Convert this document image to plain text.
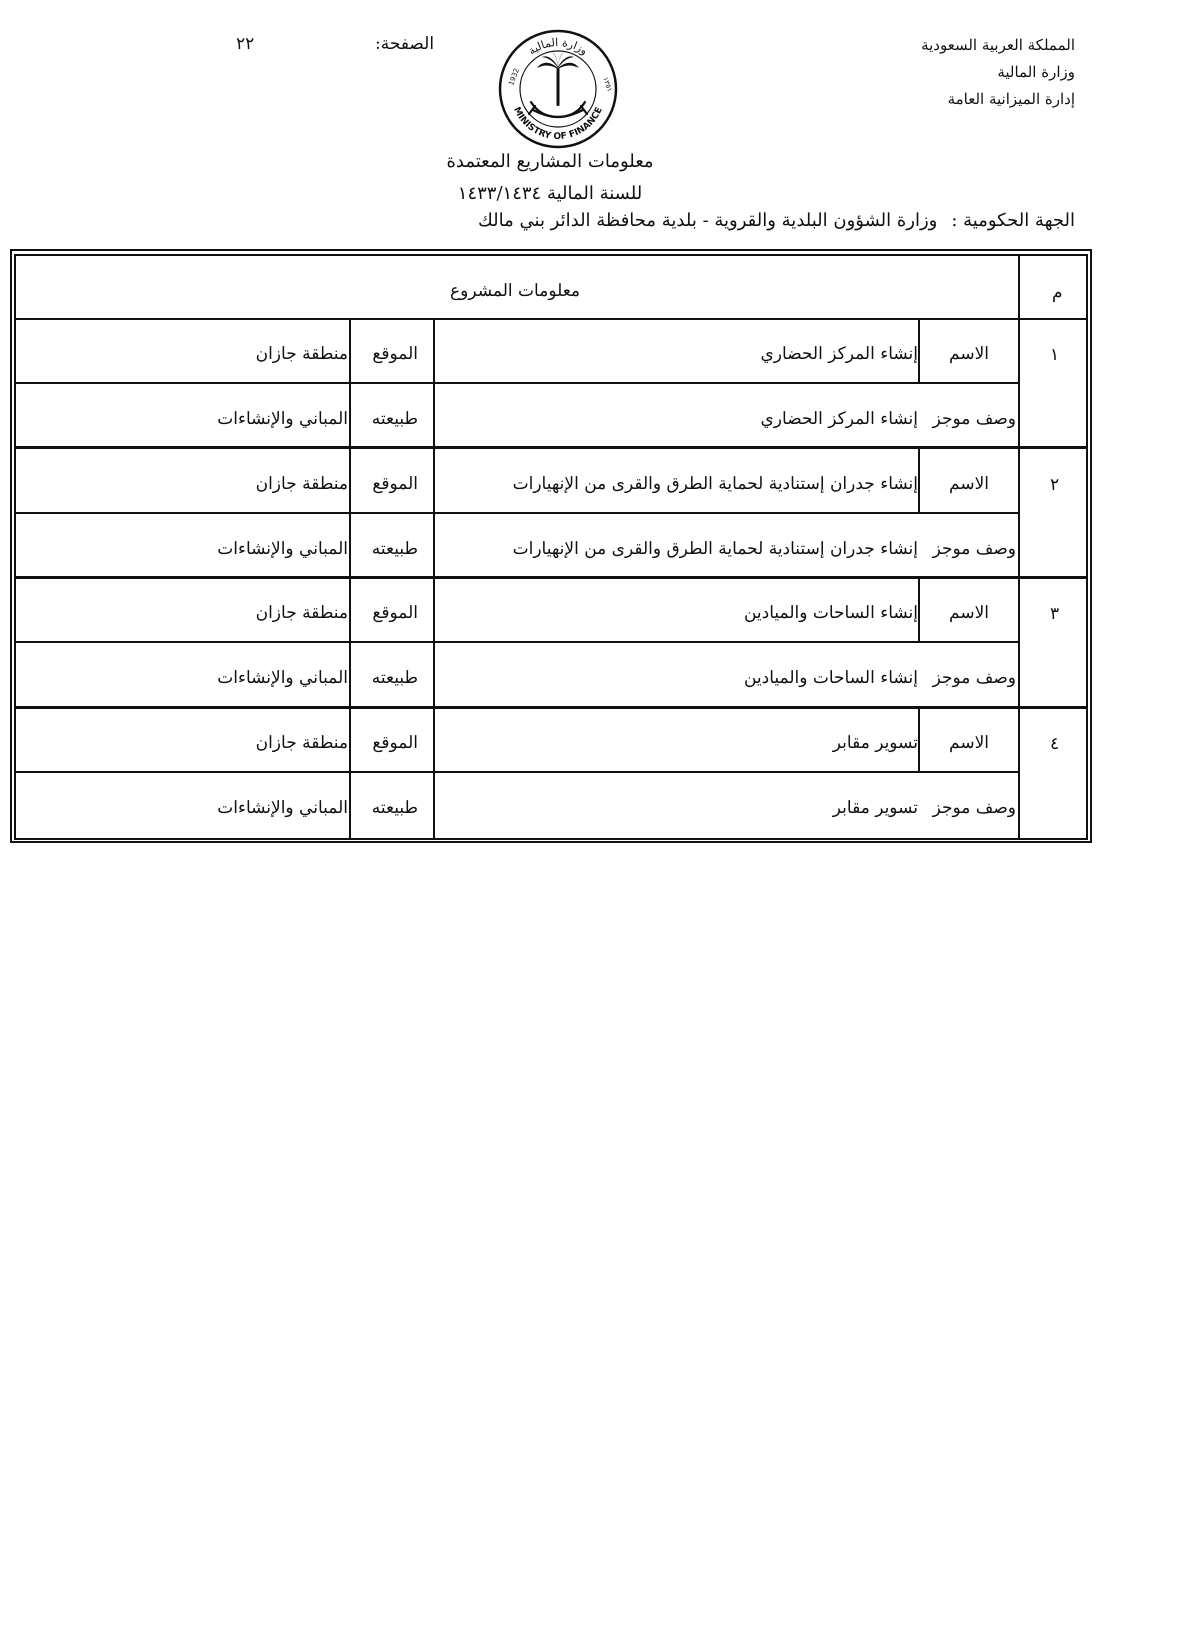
المملكة العربية السعودية
وزارة المالية
إدارة الميزانية العامة
الصفحة:
٢٢	وزارة المالية
MINISTRY OF FINANCE
1932	١٣٥١
معلومات المشاريع المعتمدة
للسنة المالية ١٤٣٣/١٤٣٤
الجهة الحكومية :وزارة الشؤون البلدية والقروية - بلدية محافظة الدائر بني مالك
م
معلومات المشروع
١
الاسم
إنشاء المركز الحضاري
الموقع
منطقة جازان
وصف موجز
إنشاء المركز الحضاري
طبيعته
المباني والإنشاءات
٢
الاسم
إنشاء جدران إستنادية لحماية الطرق والقرى من الإنهيارات
الموقع
منطقة جازان
وصف موجز
إنشاء جدران إستنادية لحماية الطرق والقرى من الإنهيارات
طبيعته
المباني والإنشاءات
٣
الاسم
إنشاء الساحات والميادين
الموقع
منطقة جازان
وصف موجز
إنشاء الساحات والميادين
طبيعته
المباني والإنشاءات
٤
الاسم
تسوير مقابر
الموقع
منطقة جازان
وصف موجز
تسوير مقابر
طبيعته
المباني والإنشاءات
